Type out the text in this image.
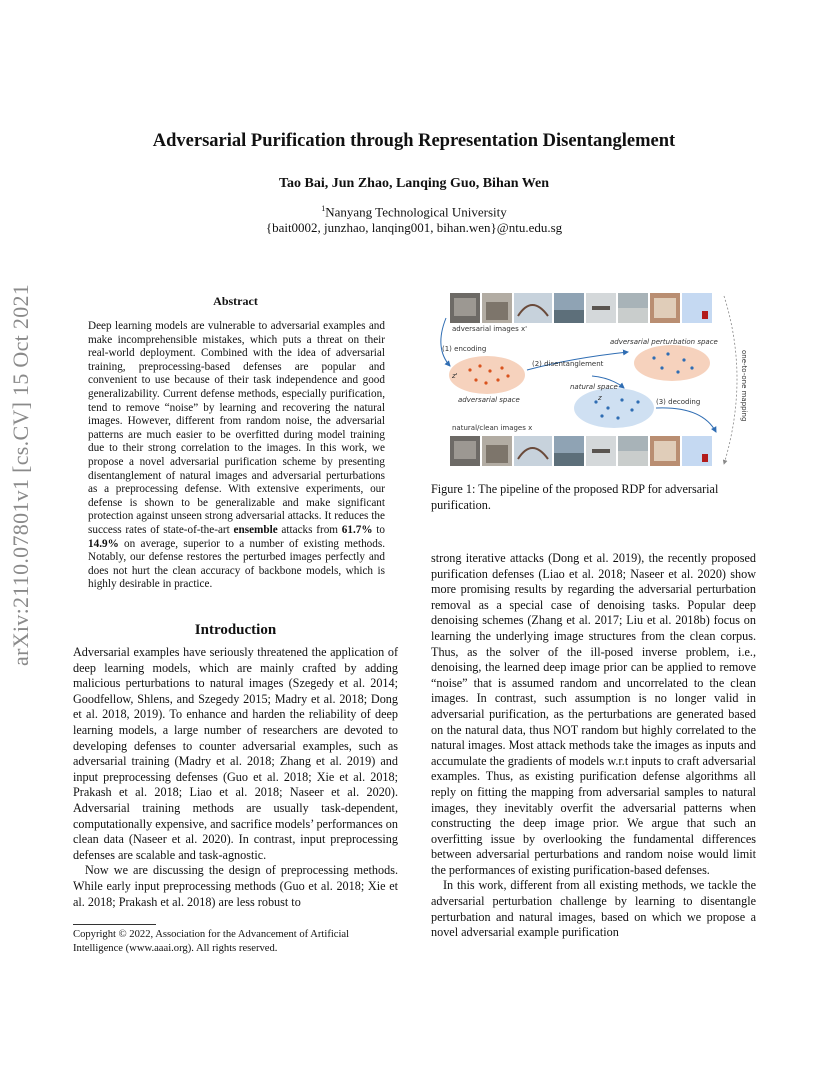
Adversarial Purification through Representation Disentanglement
Tao Bai, Jun Zhao, Lanqing Guo, Bihan Wen
$^1$Nanyang Technological University
{bait0002, junzhao, lanqing001, bihan.wen}@ntu.edu.sg
arXiv:2110.07801v1 [cs.CV] 15 Oct 2021	Abstract
Deep learning models are vulnerable to adversarial examples and make incomprehensible mistakes, which puts a threat on their real-world deployment. Combined with the idea of adversarial training, preprocessing-based defenses are popular and convenient to use because of their task independence and good generalizability. Current defense methods, especially purification, tend to remove “noise” by learning and recovering the natural images. However, different from random noise, the adversarial patterns are much easier to be overfitted during model training due to their strong correlation to the images. In this work, we propose a novel adversarial purification scheme by presenting disentanglement of natural images and adversarial perturbations as a preprocessing defense. With extensive experiments, our defense is shown to be generalizable and make significant protection against unseen strong adversarial attacks. It reduces the success rates of state-of-the-art ensemble attacks from 61.7% to 14.9% on average, superior to a number of existing methods. Notably, our defense restores the perturbed images perfectly and does not hurt the clean accuracy of backbone models, which is highly desirable in practice.
Introduction

Adversarial examples have seriously threatened the application of deep learning models, which are mainly crafted by adding malicious perturbations to natural images (Szegedy et al. 2014; Goodfellow, Shlens, and Szegedy 2015; Madry et al. 2018; Dong et al. 2018, 2019). To enhance and harden the reliability of deep learning models, a large number of researchers are devoted to developing defenses to counter adversarial examples, such as adversarial training (Madry et al. 2018; Zhang et al. 2019) and input preprocessing defenses (Guo et al. 2018; Xie et al. 2018; Prakash et al. 2018; Liao et al. 2018; Naseer et al. 2020). Adversarial training methods are usually task-dependent, computationally expensive, and sacrifice models’ performances on clean data (Naseer et al. 2020). In contrast, input preprocessing defenses are scalable and task-agnostic.

Now we are discussing the design of preprocessing methods. While early input preprocessing methods (Guo et al. 2018; Xie et al. 2018; Prakash et al. 2018) are less robust to

Copyright © 2022, Association for the Advancement of Artificial Intelligence (www.aaai.org). All rights reserved.
adversarial images x'
(1) encoding
z'
adversarial space
(2) disentanglement
adversarial perturbation space
natural space
z	(3) decoding	one-to-one mapping
natural/clean images x
Figure 1: The pipeline of the proposed RDP for adversarial purification.

strong iterative attacks (Dong et al. 2019), the recently proposed purification defenses (Liao et al. 2018; Naseer et al. 2020) show more promising results by regarding the adversarial perturbation removal as a special case of denoising tasks. Popular deep denoising schemes (Zhang et al. 2017; Liu et al. 2018b) focus on learning the underlying image structures from the clean corpus. Thus, as the solver of the ill-posed inverse problem, i.e., denoising, the learned deep image prior can be applied to remove “noise” that is assumed random and uncorrelated to the clean images. In contrast, such assumption is no longer valid in adversarial purification, as the perturbations are generated based on the natural data, thus NOT random but highly correlated to the natural images. Most attack methods take the images as inputs and accumulate the gradients of models w.r.t inputs to craft adversarial examples. Thus, as existing purification defense algorithms all reply on fitting the mapping from adversarial samples to natural images, they inevitably overfit the adversarial patterns when constructing the deep image prior. We argue that such an overfitting issue by overlooking the fundamental differences between adversarial perturbations and random noise would limit the performances of existing purification-based defenses.

In this work, different from all existing methods, we tackle the adversarial perturbation challenge by learning to disentangle perturbation and natural images, based on which we propose a novel adversarial example purification
